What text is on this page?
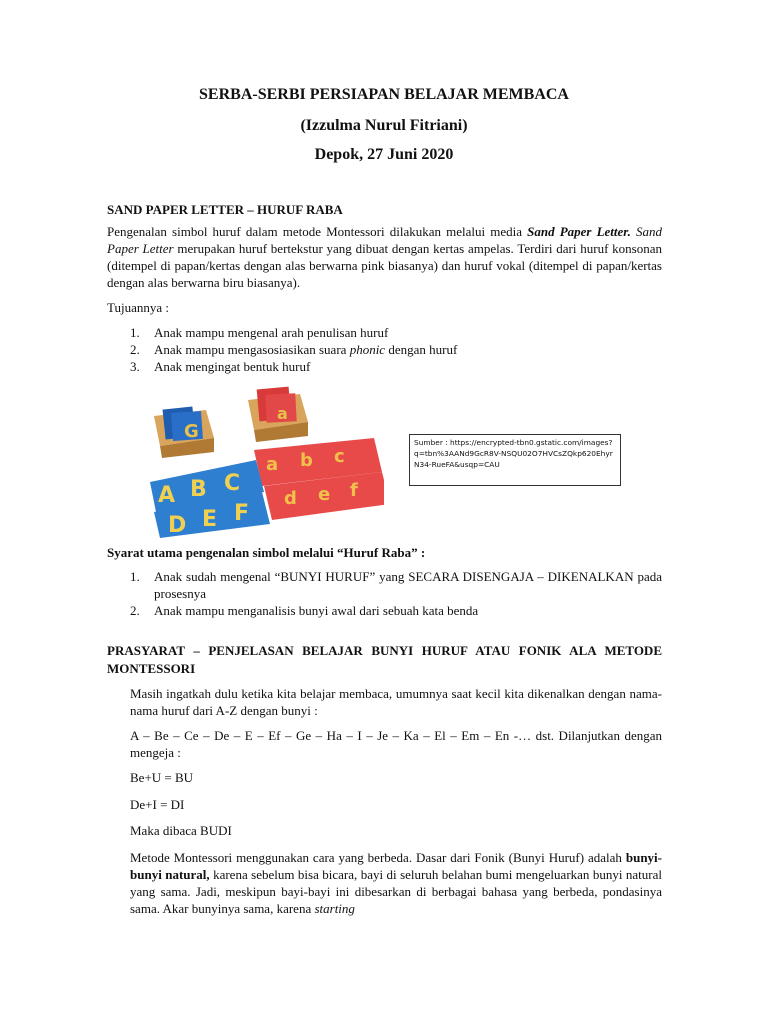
SERBA-SERBI PERSIAPAN BELAJAR MEMBACA
(Izzulma Nurul Fitriani)
Depok, 27 Juni 2020
SAND PAPER LETTER – HURUF RABA
Pengenalan simbol huruf dalam metode Montessori dilakukan melalui media Sand Paper Letter. Sand Paper Letter merupakan huruf bertekstur yang dibuat dengan kertas ampelas. Terdiri dari huruf konsonan (ditempel di papan/kertas dengan alas berwarna pink biasanya) dan huruf vokal (ditempel di papan/kertas dengan alas berwarna biru biasanya).
Tujuannya :
1. Anak mampu mengenal arah penulisan huruf
2. Anak mampu mengasosiasikan suara phonic dengan huruf
3. Anak mengingat bentuk huruf
G
a
a b c
d e f
A B C
D E F
Sumber : https://encrypted-tbn0.gstatic.com/images?q=tbn%3AANd9GcR8V-NSQU02O7HVCsZQkp620EhyrN34-RueFA&usqp=CAU
Syarat utama pengenalan simbol melalui “Huruf Raba” :
1. Anak sudah mengenal “BUNYI HURUF” yang SECARA DISENGAJA – DIKENALKAN pada prosesnya
2. Anak mampu menganalisis bunyi awal dari sebuah kata benda
PRASYARAT – PENJELASAN BELAJAR BUNYI HURUF ATAU FONIK ALA METODE MONTESSORI
Masih ingatkah dulu ketika kita belajar membaca, umumnya saat kecil kita dikenalkan dengan nama-nama huruf dari A-Z dengan bunyi :
A – Be – Ce – De – E – Ef – Ge – Ha – I – Je – Ka – El – Em – En -… dst. Dilanjutkan dengan mengeja :
Be+U = BU
De+I = DI
Maka dibaca BUDI
Metode Montessori menggunakan cara yang berbeda. Dasar dari Fonik (Bunyi Huruf) adalah bunyi-bunyi natural, karena sebelum bisa bicara, bayi di seluruh belahan bumi mengeluarkan bunyi natural yang sama. Jadi, meskipun bayi-bayi ini dibesarkan di berbagai bahasa yang berbeda, pondasinya sama. Akar bunyinya sama, karena starting
